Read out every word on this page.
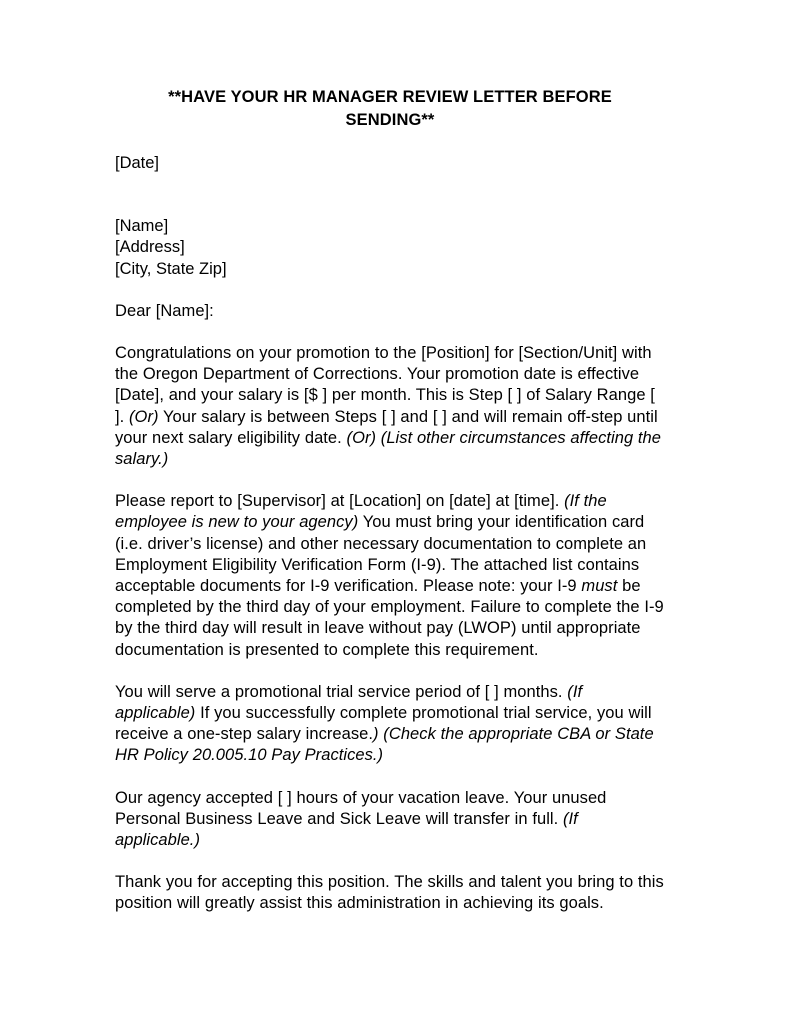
**HAVE YOUR HR MANAGER REVIEW LETTER BEFORE SENDING**

[Date]

[Name]

[Address]

[City, State Zip]

Dear [Name]:

Congratulations on your promotion to the [Position] for [Section/Unit] with the Oregon Department of Corrections. Your promotion date is effective [Date], and your salary is [$ ] per month. This is Step [ ] of Salary Range [ ]. (Or) Your salary is between Steps [ ] and [ ] and will remain off-step until your next salary eligibility date. (Or) (List other circumstances affecting the salary.)

Please report to [Supervisor] at [Location] on [date] at [time]. (If the employee is new to your agency) You must bring your identification card (i.e. driver’s license) and other necessary documentation to complete an Employment Eligibility Verification Form (I-9). The attached list contains acceptable documents for I-9 verification. Please note: your I-9 must be completed by the third day of your employment. Failure to complete the I-9 by the third day will result in leave without pay (LWOP) until appropriate documentation is presented to complete this requirement.

You will serve a promotional trial service period of [ ] months. (If applicable) If you successfully complete promotional trial service, you will receive a one-step salary increase.) (Check the appropriate CBA or State HR Policy 20.005.10 Pay Practices.)

Our agency accepted [ ] hours of your vacation leave. Your unused Personal Business Leave and Sick Leave will transfer in full. (If applicable.)

Thank you for accepting this position. The skills and talent you bring to this position will greatly assist this administration in achieving its goals.
